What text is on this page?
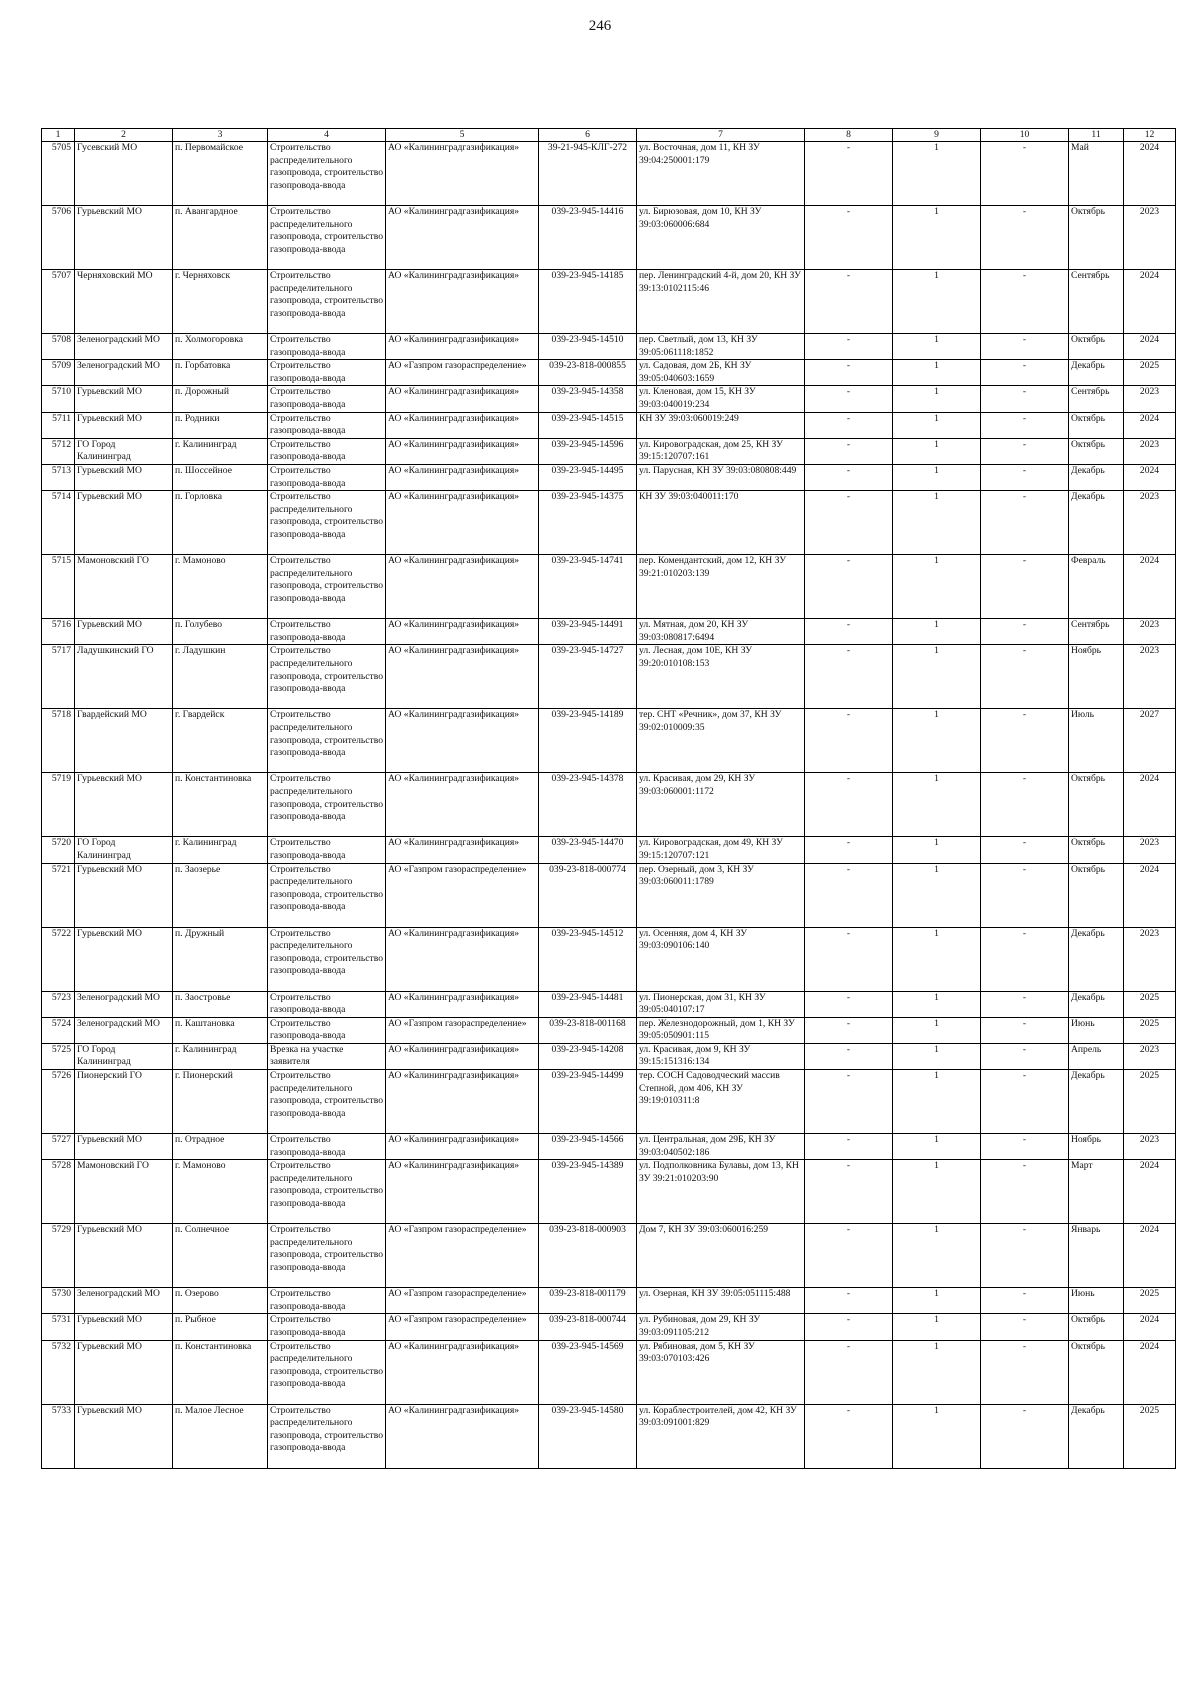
246
1	2	3	4	5	6	7	8	9	10	11	12
5705	Гусевский МО	п. Первомайское	Строительство распределительного газопровода, строительство газопровода-ввода	АО «Калининградгазификация»	39-21-945-КЛГ-272	ул. Восточная, дом 11, КН ЗУ 39:04:250001:179	-	1	-	Май	2024
5706	Гурьевский МО	п. Авангардное	Строительство распределительного газопровода, строительство газопровода-ввода	АО «Калининградгазификация»	039-23-945-14416	ул. Бирюзовая, дом 10, КН ЗУ 39:03:060006:684	-	1	-	Октябрь	2023
5707	Черняховский МО	г. Черняховск	Строительство распределительного газопровода, строительство газопровода-ввода	АО «Калининградгазификация»	039-23-945-14185	пер. Ленинградский 4-й, дом 20, КН ЗУ 39:13:0102115:46	-	1	-	Сентябрь	2024
5708	Зеленоградский МО	п. Холмогоровка	Строительство газопровода-ввода	АО «Калининградгазификация»	039-23-945-14510	пер. Светлый, дом 13, КН ЗУ 39:05:061118:1852	-	1	-	Октябрь	2024
5709	Зеленоградский МО	п. Горбатовка	Строительство газопровода-ввода	АО «Газпром газораспределение»	039-23-818-000855	ул. Садовая, дом 2Б, КН ЗУ 39:05:040603:1659	-	1	-	Декабрь	2025
5710	Гурьевский МО	п. Дорожный	Строительство газопровода-ввода	АО «Калининградгазификация»	039-23-945-14358	ул. Кленовая, дом 15, КН ЗУ 39:03:040019:234	-	1	-	Сентябрь	2023
5711	Гурьевский МО	п. Родники	Строительство газопровода-ввода	АО «Калининградгазификация»	039-23-945-14515	КН ЗУ 39:03:060019:249	-	1	-	Октябрь	2024
5712	ГО Город Калининград	г. Калининград	Строительство газопровода-ввода	АО «Калининградгазификация»	039-23-945-14596	ул. Кировоградская, дом 25, КН ЗУ 39:15:120707:161	-	1	-	Октябрь	2023
5713	Гурьевский МО	п. Шоссейное	Строительство газопровода-ввода	АО «Калининградгазификация»	039-23-945-14495	ул. Парусная, КН ЗУ 39:03:080808:449	-	1	-	Декабрь	2024
5714	Гурьевский МО	п. Горловка	Строительство распределительного газопровода, строительство газопровода-ввода	АО «Калининградгазификация»	039-23-945-14375	КН ЗУ 39:03:040011:170	-	1	-	Декабрь	2023
5715	Мамоновский ГО	г. Мамоново	Строительство распределительного газопровода, строительство газопровода-ввода	АО «Калининградгазификация»	039-23-945-14741	пер. Комендантский, дом 12, КН ЗУ 39:21:010203:139	-	1	-	Февраль	2024
5716	Гурьевский МО	п. Голубево	Строительство газопровода-ввода	АО «Калининградгазификация»	039-23-945-14491	ул. Мятная, дом 20, КН ЗУ 39:03:080817:6494	-	1	-	Сентябрь	2023
5717	Ладушкинский ГО	г. Ладушкин	Строительство распределительного газопровода, строительство газопровода-ввода	АО «Калининградгазификация»	039-23-945-14727	ул. Лесная, дом 10Е, КН ЗУ 39:20:010108:153	-	1	-	Ноябрь	2023
5718	Гвардейский МО	г. Гвардейск	Строительство распределительного газопровода, строительство газопровода-ввода	АО «Калининградгазификация»	039-23-945-14189	тер. СНТ «Речник», дом 37, КН ЗУ 39:02:010009:35	-	1	-	Июль	2027
5719	Гурьевский МО	п. Константиновка	Строительство распределительного газопровода, строительство газопровода-ввода	АО «Калининградгазификация»	039-23-945-14378	ул. Красивая, дом 29, КН ЗУ 39:03:060001:1172	-	1	-	Октябрь	2024
5720	ГО Город Калининград	г. Калининград	Строительство газопровода-ввода	АО «Калининградгазификация»	039-23-945-14470	ул. Кировоградская, дом 49, КН ЗУ 39:15:120707:121	-	1	-	Октябрь	2023
5721	Гурьевский МО	п. Заозерье	Строительство распределительного газопровода, строительство газопровода-ввода	АО «Газпром газораспределение»	039-23-818-000774	пер. Озерный, дом 3, КН ЗУ 39:03:060011:1789	-	1	-	Октябрь	2024
5722	Гурьевский МО	п. Дружный	Строительство распределительного газопровода, строительство газопровода-ввода	АО «Калининградгазификация»	039-23-945-14512	ул. Осенняя, дом 4, КН ЗУ 39:03:090106:140	-	1	-	Декабрь	2023
5723	Зеленоградский МО	п. Заостровье	Строительство газопровода-ввода	АО «Калининградгазификация»	039-23-945-14481	ул. Пионерская, дом 31, КН ЗУ 39:05:040107:17	-	1	-	Декабрь	2025
5724	Зеленоградский МО	п. Каштановка	Строительство газопровода-ввода	АО «Газпром газораспределение»	039-23-818-001168	пер. Железнодорожный, дом 1, КН ЗУ 39:05:050901:115	-	1	-	Июнь	2025
5725	ГО Город Калининград	г. Калининград	Врезка на участке заявителя	АО «Калининградгазификация»	039-23-945-14208	ул. Красивая, дом 9, КН ЗУ 39:15:151316:134	-	1	-	Апрель	2023
5726	Пионерский ГО	г. Пионерский	Строительство распределительного газопровода, строительство газопровода-ввода	АО «Калининградгазификация»	039-23-945-14499	тер. СОСН Садоводческий массив Степной, дом 406, КН ЗУ 39:19:010311:8	-	1	-	Декабрь	2025
5727	Гурьевский МО	п. Отрадное	Строительство газопровода-ввода	АО «Калининградгазификация»	039-23-945-14566	ул. Центральная, дом 29Б, КН ЗУ 39:03:040502:186	-	1	-	Ноябрь	2023
5728	Мамоновский ГО	г. Мамоново	Строительство распределительного газопровода, строительство газопровода-ввода	АО «Калининградгазификация»	039-23-945-14389	ул. Подполковника Булавы, дом 13, КН ЗУ 39:21:010203:90	-	1	-	Март	2024
5729	Гурьевский МО	п. Солнечное	Строительство распределительного газопровода, строительство газопровода-ввода	АО «Газпром газораспределение»	039-23-818-000903	Дом 7, КН ЗУ 39:03:060016:259	-	1	-	Январь	2024
5730	Зеленоградский МО	п. Озерово	Строительство газопровода-ввода	АО «Газпром газораспределение»	039-23-818-001179	ул. Озерная, КН ЗУ 39:05:051115:488	-	1	-	Июнь	2025
5731	Гурьевский МО	п. Рыбное	Строительство газопровода-ввода	АО «Газпром газораспределение»	039-23-818-000744	ул. Рубиновая, дом 29, КН ЗУ 39:03:091105:212	-	1	-	Октябрь	2024
5732	Гурьевский МО	п. Константиновка	Строительство распределительного газопровода, строительство газопровода-ввода	АО «Калининградгазификация»	039-23-945-14569	ул. Рябиновая, дом 5, КН ЗУ 39:03:070103:426	-	1	-	Октябрь	2024
5733	Гурьевский МО	п. Малое Лесное	Строительство распределительного газопровода, строительство газопровода-ввода	АО «Калининградгазификация»	039-23-945-14580	ул. Кораблестроителей, дом 42, КН ЗУ 39:03:091001:829	-	1	-	Декабрь	2025
